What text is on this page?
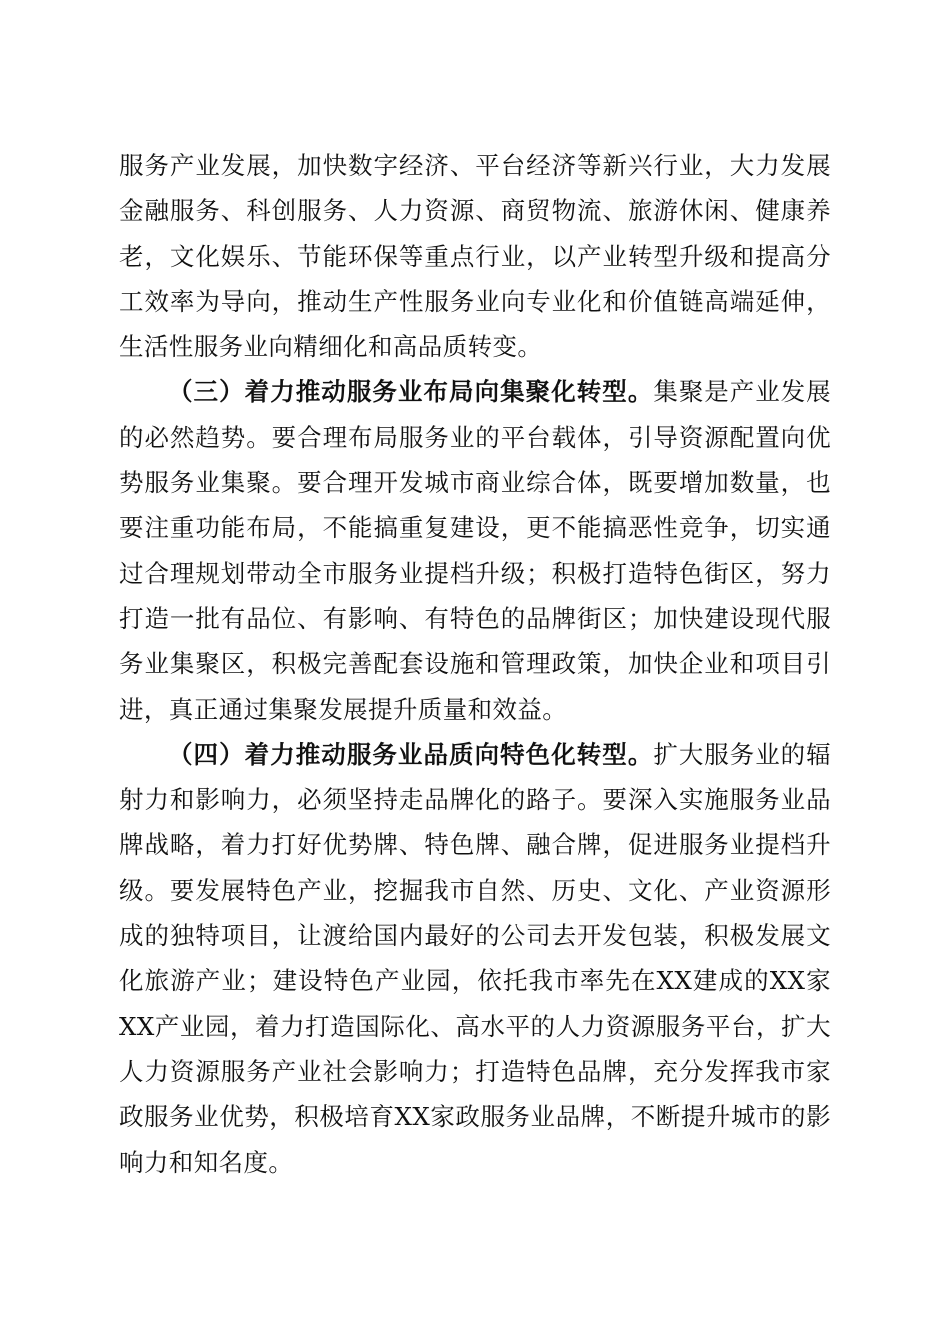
服务产业发展，加快数字经济、平台经济等新兴行业，大力发展金融服务、科创服务、人力资源、商贸物流、旅游休闲、健康养老，文化娱乐、节能环保等重点行业，以产业转型升级和提高分工效率为导向，推动生产性服务业向专业化和价值链高端延伸，生活性服务业向精细化和高品质转变。

（三）着力推动服务业布局向集聚化转型。集聚是产业发展的必然趋势。要合理布局服务业的平台载体，引导资源配置向优势服务业集聚。要合理开发城市商业综合体，既要增加数量，也要注重功能布局，不能搞重复建设，更不能搞恶性竞争，切实通过合理规划带动全市服务业提档升级；积极打造特色街区，努力打造一批有品位、有影响、有特色的品牌街区；加快建设现代服务业集聚区，积极完善配套设施和管理政策，加快企业和项目引进，真正通过集聚发展提升质量和效益。

（四）着力推动服务业品质向特色化转型。扩大服务业的辐射力和影响力，必须坚持走品牌化的路子。要深入实施服务业品牌战略，着力打好优势牌、特色牌、融合牌，促进服务业提档升级。要发展特色产业，挖掘我市自然、历史、文化、产业资源形成的独特项目，让渡给国内最好的公司去开发包装，积极发展文化旅游产业；建设特色产业园，依托我市率先在XX建成的XX家XX产业园，着力打造国际化、高水平的人力资源服务平台，扩大人力资源服务产业社会影响力；打造特色品牌，充分发挥我市家政服务业优势，积极培育XX家政服务业品牌，不断提升城市的影响力和知名度。
